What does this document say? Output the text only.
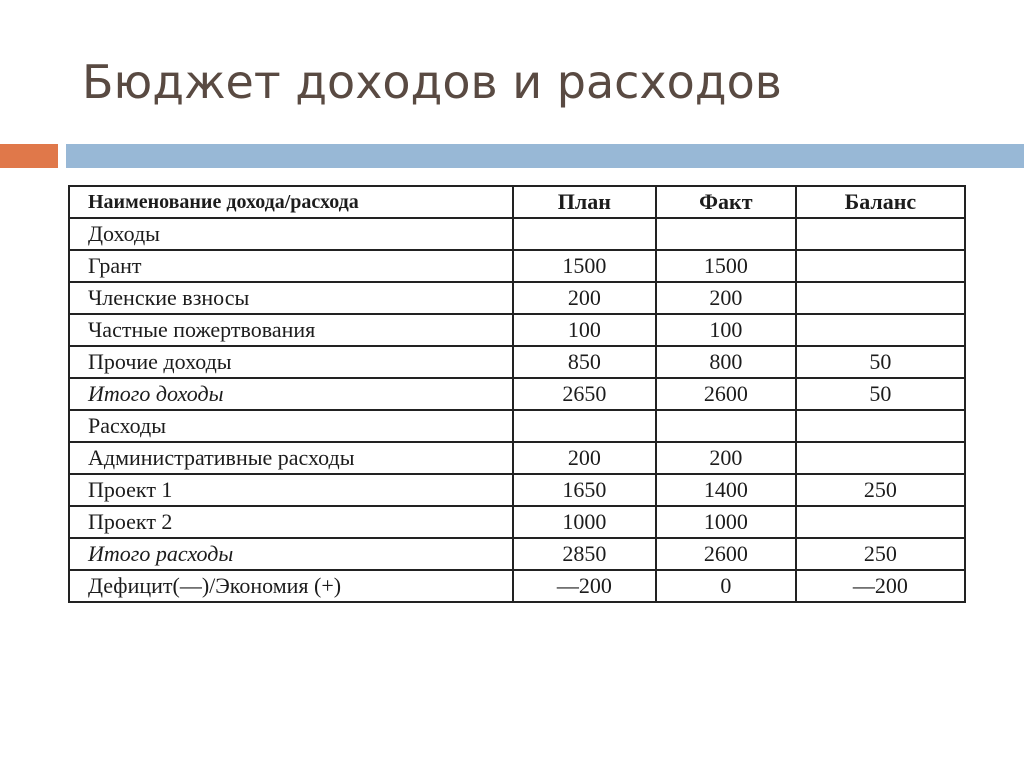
Бюджет доходов и расходов
Наименование дохода/расхода	План	Факт	Баланс
Доходы			
Грант	1500	1500	
Членские взносы	200	200	
Частные пожертвования	100	100	
Прочие доходы	850	800	50
Итого доходы	2650	2600	50
Расходы			
Административные расходы	200	200	
Проект 1	1650	1400	250
Проект 2	1000	1000	
Итого расходы	2850	2600	250
Дефицит(—)/Экономия (+)	—200	0	—200
